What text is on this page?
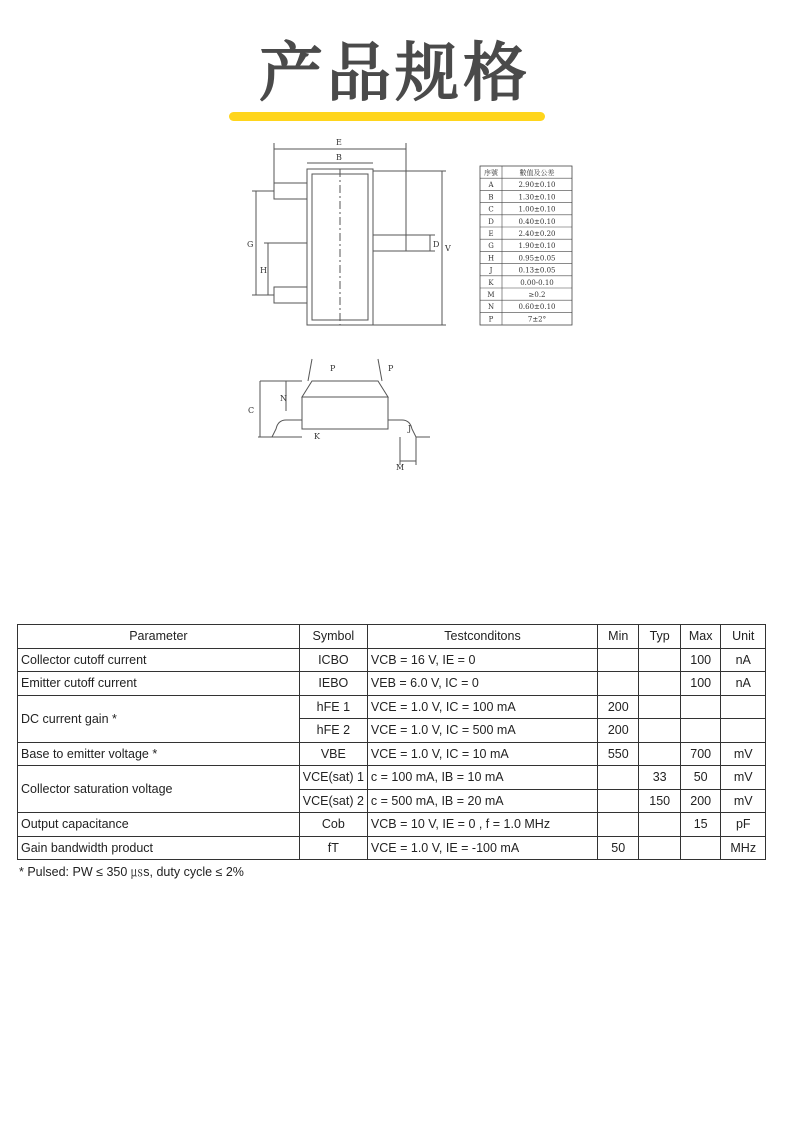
产品规格
E
B
G
H
D V
P	P
N
C
K
J
M
序號	數值及公差
A	2.90±0.10
B	1.30±0.10
C	1.00±0.10
D	0.40±0.10
E	2.40±0.20
G	1.90±0.10
H	0.95±0.05
J	0.13±0.05
K	0.00-0.10
M	≥0.2
N	0.60±0.10
P	7±2°
Parameter	Symbol	Testconditons	Min	Typ	Max	Unit
Collector cutoff current	ICBO	VCB = 16 V, IE = 0			100	nA
Emitter cutoff current	IEBO	VEB = 6.0 V, IC = 0			100	nA
DC current gain *	hFE 1	VCE = 1.0 V, IC = 100 mA	200			
	hFE 2	VCE = 1.0 V, IC = 500 mA	200			
Base to emitter voltage *	VBE	VCE = 1.0 V, IC = 10 mA	550		700	mV
Collector saturation voltage	VCE(sat) 1	c = 100 mA, IB = 10 mA		33	50	mV
	VCE(sat) 2	c = 500 mA, IB = 20 mA		150	200	mV
Output capacitance	Cob	VCB = 10 V, IE = 0 , f = 1.0 MHz			15	pF
Gain bandwidth product	fT	VCE = 1.0 V, IE = -100 mA	50			MHz
* Pulsed: PW ≤ 350 ㎲s, duty cycle ≤ 2%
